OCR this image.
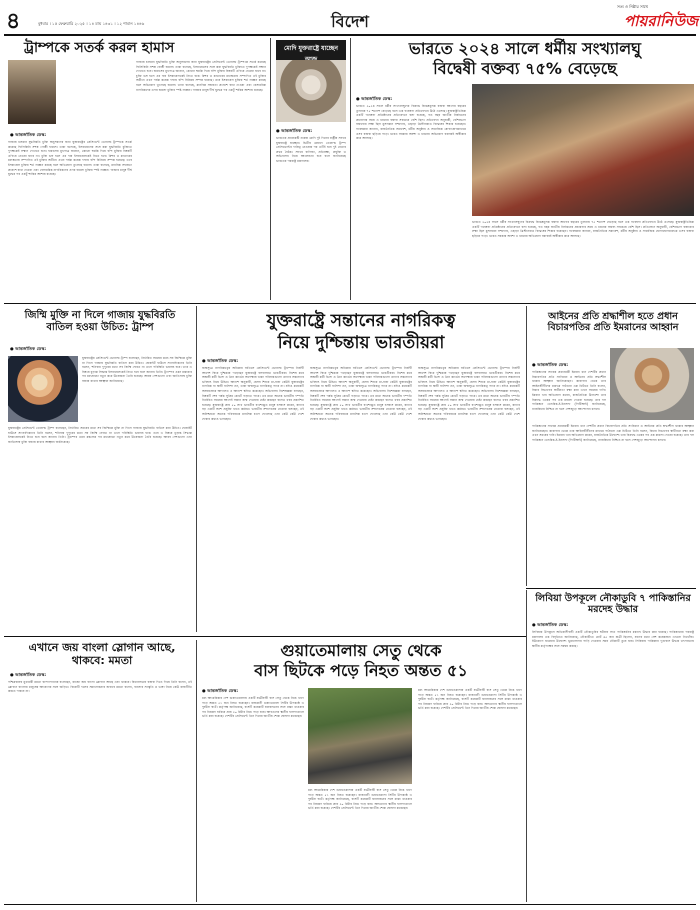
৪	বুধবার । ১৫ ফেব্রুয়ারি ২০২৫ । ১৪ মাঘ ১৪৩১ । ১২ শাবান ১৪৪৬	বিদেশ
সত্য ও নিষ্ঠার সাথে
পায়রানিউজ
ট্রাম্পকে সতর্ক করল হামাস
● আন্তর্জাতিক ডেস্ক:
গাজায় চলমান যুদ্ধবিরতি চুক্তি অনুসরণের জন্য যুক্তরাষ্ট্রের প্রেসিডেন্ট ডোনাল্ড ট্রাম্পকে সতর্ক করেছে ফিলিস্তিনি সশস্ত্র গোষ্ঠী হামাস। তারা বলেছে, ইসরায়েলের সঙ্গে করা যুদ্ধবিরতি চুক্তিতে দুপক্ষকেই সম্মান দেখাতে হবে। হামাসের মুখপাত্র জানান, কোনো হুমকি দিয়ে বন্দি মুক্তির বিষয়টি এগিয়ে নেওয়া যাবে না। চুক্তি ভঙ্গ হলে এর দায় ইসরায়েলকেই নিতে হবে। মিশর ও কাতারের মধ্যস্থতায় সম্পাদিত এই চুক্তির অধীনে এখন পর্যন্ত কয়েক দফায় বন্দি বিনিময় সম্পন্ন হয়েছে। তবে ইসরায়েল চুক্তির শর্ত লঙ্ঘন করছে বলে অভিযোগ তুলেছে হামাস। তারা বলেছে, মানবিক সহায়তা প্রবেশে বাধা দেওয়া এবং বেসামরিক নাগরিকদের ওপর হামলা চুক্তির স্পষ্ট লঙ্ঘন। গাজার মানুষ দীর্ঘ যুদ্ধের পর একটু শান্তির আশায় রয়েছে।
গাজায় চলমান যুদ্ধবিরতি চুক্তি অনুসরণের জন্য যুক্তরাষ্ট্রের প্রেসিডেন্ট ডোনাল্ড ট্রাম্পকে সতর্ক করেছে ফিলিস্তিনি সশস্ত্র গোষ্ঠী হামাস। তারা বলেছে, ইসরায়েলের সঙ্গে করা যুদ্ধবিরতি চুক্তিতে দুপক্ষকেই সম্মান দেখাতে হবে। হামাসের মুখপাত্র জানান, কোনো হুমকি দিয়ে বন্দি মুক্তির বিষয়টি এগিয়ে নেওয়া যাবে না। চুক্তি ভঙ্গ হলে এর দায় ইসরায়েলকেই নিতে হবে। মিশর ও কাতারের মধ্যস্থতায় সম্পাদিত এই চুক্তির অধীনে এখন পর্যন্ত কয়েক দফায় বন্দি বিনিময় সম্পন্ন হয়েছে। তবে ইসরায়েল চুক্তির শর্ত লঙ্ঘন করছে বলে অভিযোগ তুলেছে হামাস। তারা বলেছে, মানবিক সহায়তা প্রবেশে বাধা দেওয়া এবং বেসামরিক নাগরিকদের ওপর হামলা চুক্তির স্পষ্ট লঙ্ঘন। গাজার মানুষ দীর্ঘ যুদ্ধের পর একটু শান্তির আশায় রয়েছে।
মোদি যুক্তরাষ্ট্রে যাচ্ছেন
● আন্তর্জাতিক ডেস্ক:
ভারতের প্রধানমন্ত্রী নরেন্দ্র মোদি দুই দিনের রাষ্ট্রীয় সফরে যুক্তরাষ্ট্রে যাচ্ছেন। দ্বিতীয় মেয়াদে ডোনাল্ড ট্রাম্প প্রেসিডেন্টের দায়িত্ব নেওয়ার পর এটিই হবে দুই নেতার প্রথম বৈঠক। সফরে বাণিজ্য, প্রতিরক্ষা, প্রযুক্তি ও অভিবাসন নিয়ে আলোচনা হবে বলে জানিয়েছে ভারতের পররাষ্ট্র মন্ত্রণালয়।
ভারতে ২০২৪ সালে ধর্মীয় সংখ্যালঘু
বিদ্বেষী বক্তব্য ৭৫% বেড়েছে
● আন্তর্জাতিক ডেস্ক:
ভারতে ২০২৪ সালে ধর্মীয় সংখ্যালঘুদের বিরুদ্ধে বিদ্বেষমূলক বক্তব্য আগের বছরের তুলনায় ৭৫ শতাংশ বেড়েছে বলে এক গবেষণা প্রতিবেদনে উঠে এসেছে। যুক্তরাষ্ট্রভিত্তিক একটি গবেষণা প্রতিষ্ঠানের প্রতিবেদনে বলা হয়েছে, গত বছর জাতীয় নির্বাচনের প্রচারণার সময় এ ধরনের বক্তব্য সবচেয়ে বেশি ছিল। প্রতিবেদন অনুযায়ী, বেশিরভাগ বক্তব্যের লক্ষ্য ছিল মুসলমান সম্প্রদায়, এছাড়া খ্রিস্টানরাও বিদ্বেষের শিকার হয়েছেন। গবেষকরা জানান, রাজনৈতিক সমাবেশ, ধর্মীয় অনুষ্ঠান ও সামাজিক যোগাযোগমাধ্যমে এসব বক্তব্য ছড়িয়ে পড়ে। ভারত সরকার অবশ্য এ ধরনের অভিযোগ বরাবরই অস্বীকার করে আসছে।
ভারতে ২০২৪ সালে ধর্মীয় সংখ্যালঘুদের বিরুদ্ধে বিদ্বেষমূলক বক্তব্য আগের বছরের তুলনায় ৭৫ শতাংশ বেড়েছে বলে এক গবেষণা প্রতিবেদনে উঠে এসেছে। যুক্তরাষ্ট্রভিত্তিক একটি গবেষণা প্রতিষ্ঠানের প্রতিবেদনে বলা হয়েছে, গত বছর জাতীয় নির্বাচনের প্রচারণার সময় এ ধরনের বক্তব্য সবচেয়ে বেশি ছিল। প্রতিবেদন অনুযায়ী, বেশিরভাগ বক্তব্যের লক্ষ্য ছিল মুসলমান সম্প্রদায়, এছাড়া খ্রিস্টানরাও বিদ্বেষের শিকার হয়েছেন। গবেষকরা জানান, রাজনৈতিক সমাবেশ, ধর্মীয় অনুষ্ঠান ও সামাজিক যোগাযোগমাধ্যমে এসব বক্তব্য ছড়িয়ে পড়ে। ভারত সরকার অবশ্য এ ধরনের অভিযোগ বরাবরই অস্বীকার করে আসছে।
জিম্মি মুক্তি না দিলে গাজায় যুদ্ধবিরতি বাতিল হওয়া উচিত: ট্রাম্প
● আন্তর্জাতিক ডেস্ক:
যুক্তরাষ্ট্রের প্রেসিডেন্ট ডোনাল্ড ট্রাম্প বলেছেন, নির্ধারিত সময়ের মধ্যে সব জিম্মিকে মুক্তি না দিলে গাজায় যুদ্ধবিরতি বাতিল করা উচিত। হোয়াইট হাউসে সাংবাদিকদের তিনি বলেন, শনিবার দুপুরের মধ্যে সব জিম্মি ফেরত না এলে পরিস্থিতি ভয়াবহ হবে। তবে এ বিষয়ে চূড়ান্ত সিদ্ধান্ত ইসরায়েলকেই নিতে হবে বলে জানান তিনি। ট্রাম্পের এমন মন্তব্যের পর মধ্যপ্রাচ্যে নতুন করে উত্তেজনা তৈরি হয়েছে। আরব দেশগুলো এবং জাতিসংঘ চুক্তি বজায় রাখার আহ্বান জানিয়েছে।
যুক্তরাষ্ট্রের প্রেসিডেন্ট ডোনাল্ড ট্রাম্প বলেছেন, নির্ধারিত সময়ের মধ্যে সব জিম্মিকে মুক্তি না দিলে গাজায় যুদ্ধবিরতি বাতিল করা উচিত। হোয়াইট হাউসে সাংবাদিকদের তিনি বলেন, শনিবার দুপুরের মধ্যে সব জিম্মি ফেরত না এলে পরিস্থিতি ভয়াবহ হবে। তবে এ বিষয়ে চূড়ান্ত সিদ্ধান্ত ইসরায়েলকেই নিতে হবে বলে জানান তিনি। ট্রাম্পের এমন মন্তব্যের পর মধ্যপ্রাচ্যে নতুন করে উত্তেজনা তৈরি হয়েছে। আরব দেশগুলো এবং জাতিসংঘ চুক্তি বজায় রাখার আহ্বান জানিয়েছে।
যুক্তরাষ্ট্রে সন্তানের নাগরিকত্ব
নিয়ে দুশ্চিন্তায় ভারতীয়রা
● আন্তর্জাতিক ডেস্ক:
জন্মসূত্রে নাগরিকত্বের অধিকার বাতিলে প্রেসিডেন্ট ডোনাল্ড ট্রাম্পের নির্বাহী আদেশ ঘিরে দুশ্চিন্তায় পড়েছেন যুক্তরাষ্ট্রে বসবাসরত ভারতীয়রা। বিশেষ করে অস্থায়ী কর্মী ভিসা ও গ্রিন কার্ডের অপেক্ষায় থাকা পরিবারগুলো তাদের সন্তানদের ভবিষ্যৎ নিয়ে উদ্বিগ্ন। আদেশ অনুযায়ী, যেসব শিশুর মা-বাবা কেউই যুক্তরাষ্ট্রের নাগরিক বা স্থায়ী বাসিন্দা নন, তারা জন্মসূত্রে নাগরিকত্ব পাবে না। যদিও কয়েকটি অঙ্গরাজ্যের আদালত এ আদেশ স্থগিত করেছেন। অভিবাসন বিশেষজ্ঞরা বলছেন, বিষয়টি শেষ পর্যন্ত সুপ্রিম কোর্টে গড়াতে পারে। এর মধ্যে অনেক ভারতীয় দম্পতি নির্ধারিত সময়ের আগেই সন্তান জন্ম দেওয়ার চেষ্টা করছেন বলেও খবর প্রকাশিত হয়েছে। যুক্তরাষ্ট্রে প্রায় ৫০ লাখ ভারতীয় বংশোদ্ভূত মানুষ বসবাস করেন, যাদের বড় একটি অংশ প্রযুক্তি খাতে কর্মরত। ভারতীয় সম্প্রদায়ের নেতারা বলছেন, এই অনিশ্চয়তা অনেক পরিবারকে মানসিক চাপে ফেলেছে এবং কেউ কেউ দেশে ফেরার কথাও ভাবছেন।
জন্মসূত্রে নাগরিকত্বের অধিকার বাতিলে প্রেসিডেন্ট ডোনাল্ড ট্রাম্পের নির্বাহী আদেশ ঘিরে দুশ্চিন্তায় পড়েছেন যুক্তরাষ্ট্রে বসবাসরত ভারতীয়রা। বিশেষ করে অস্থায়ী কর্মী ভিসা ও গ্রিন কার্ডের অপেক্ষায় থাকা পরিবারগুলো তাদের সন্তানদের ভবিষ্যৎ নিয়ে উদ্বিগ্ন। আদেশ অনুযায়ী, যেসব শিশুর মা-বাবা কেউই যুক্তরাষ্ট্রের নাগরিক বা স্থায়ী বাসিন্দা নন, তারা জন্মসূত্রে নাগরিকত্ব পাবে না। যদিও কয়েকটি অঙ্গরাজ্যের আদালত এ আদেশ স্থগিত করেছেন। অভিবাসন বিশেষজ্ঞরা বলছেন, বিষয়টি শেষ পর্যন্ত সুপ্রিম কোর্টে গড়াতে পারে। এর মধ্যে অনেক ভারতীয় দম্পতি নির্ধারিত সময়ের আগেই সন্তান জন্ম দেওয়ার চেষ্টা করছেন বলেও খবর প্রকাশিত হয়েছে। যুক্তরাষ্ট্রে প্রায় ৫০ লাখ ভারতীয় বংশোদ্ভূত মানুষ বসবাস করেন, যাদের বড় একটি অংশ প্রযুক্তি খাতে কর্মরত। ভারতীয় সম্প্রদায়ের নেতারা বলছেন, এই অনিশ্চয়তা অনেক পরিবারকে মানসিক চাপে ফেলেছে এবং কেউ কেউ দেশে ফেরার কথাও ভাবছেন।
জন্মসূত্রে নাগরিকত্বের অধিকার বাতিলে প্রেসিডেন্ট ডোনাল্ড ট্রাম্পের নির্বাহী আদেশ ঘিরে দুশ্চিন্তায় পড়েছেন যুক্তরাষ্ট্রে বসবাসরত ভারতীয়রা। বিশেষ করে অস্থায়ী কর্মী ভিসা ও গ্রিন কার্ডের অপেক্ষায় থাকা পরিবারগুলো তাদের সন্তানদের ভবিষ্যৎ নিয়ে উদ্বিগ্ন। আদেশ অনুযায়ী, যেসব শিশুর মা-বাবা কেউই যুক্তরাষ্ট্রের নাগরিক বা স্থায়ী বাসিন্দা নন, তারা জন্মসূত্রে নাগরিকত্ব পাবে না। যদিও কয়েকটি অঙ্গরাজ্যের আদালত এ আদেশ স্থগিত করেছেন। অভিবাসন বিশেষজ্ঞরা বলছেন, বিষয়টি শেষ পর্যন্ত সুপ্রিম কোর্টে গড়াতে পারে। এর মধ্যে অনেক ভারতীয় দম্পতি নির্ধারিত সময়ের আগেই সন্তান জন্ম দেওয়ার চেষ্টা করছেন বলেও খবর প্রকাশিত হয়েছে। যুক্তরাষ্ট্রে প্রায় ৫০ লাখ ভারতীয় বংশোদ্ভূত মানুষ বসবাস করেন, যাদের বড় একটি অংশ প্রযুক্তি খাতে কর্মরত। ভারতীয় সম্প্রদায়ের নেতারা বলছেন, এই অনিশ্চয়তা অনেক পরিবারকে মানসিক চাপে ফেলেছে এবং কেউ কেউ দেশে ফেরার কথাও ভাবছেন।
আইনের প্রতি শ্রদ্ধাশীল হতে প্রধান বিচারপতির প্রতি ইমরানের আহ্বান
● আন্তর্জাতিক ডেস্ক:
পাকিস্তানের সাবেক প্রধানমন্ত্রী ইমরান খান দেশটির প্রধান বিচারপতির প্রতি সংবিধান ও আইনের প্রতি শ্রদ্ধাশীল থাকার আহ্বান জানিয়েছেন। কারাগার থেকে তার আইনজীবীদের মাধ্যমে পাঠানো এক চিঠিতে তিনি বলেন, বিচার বিভাগের স্বাধীনতা রক্ষা করা এখন সময়ের দাবি। ইমরান খান অভিযোগ করেন, রাজনৈতিক উদ্দেশ্যে তার বিরুদ্ধে একের পর এক মামলা দেওয়া হয়েছে। তার দল পাকিস্তান তেহরিক-ই-ইনসাফ (পিটিআই) জানিয়েছে, ন্যায়বিচার নিশ্চিত না হলে দেশজুড়ে আন্দোলন চলবে।
পাকিস্তানের সাবেক প্রধানমন্ত্রী ইমরান খান দেশটির প্রধান বিচারপতির প্রতি সংবিধান ও আইনের প্রতি শ্রদ্ধাশীল থাকার আহ্বান জানিয়েছেন। কারাগার থেকে তার আইনজীবীদের মাধ্যমে পাঠানো এক চিঠিতে তিনি বলেন, বিচার বিভাগের স্বাধীনতা রক্ষা করা এখন সময়ের দাবি। ইমরান খান অভিযোগ করেন, রাজনৈতিক উদ্দেশ্যে তার বিরুদ্ধে একের পর এক মামলা দেওয়া হয়েছে। তার দল পাকিস্তান তেহরিক-ই-ইনসাফ (পিটিআই) জানিয়েছে, ন্যায়বিচার নিশ্চিত না হলে দেশজুড়ে আন্দোলন চলবে।
লিবিয়া উপকূলে নৌকাডুবি ৭ পাকিস্তানির মরদেহ উদ্ধার
● আন্তর্জাতিক ডেস্ক:
লিবিয়ার উপকূলে অভিবাসীবাহী একটি নৌকাডুবির ঘটনায় সাত পাকিস্তানির মরদেহ উদ্ধার করা হয়েছে। পাকিস্তানের পররাষ্ট্র মন্ত্রণালয় এক বিবৃতিতে জানিয়েছে, নৌকাটিতে মোট ৬৫ জন যাত্রী ছিলেন, যাদের মধ্যে বেশ কয়েকজন এখনো নিখোঁজ। ইউরোপে যাওয়ার উদ্দেশ্যে ভূমধ্যসাগর পাড়ি দেওয়ার সময় নৌকাটি ডুবে যায়। লিবিয়ায় পাকিস্তান দূতাবাস উদ্ধার তৎপরতায় স্থানীয় কর্তৃপক্ষের সঙ্গে সমন্বয় করছে।
এখানে জয় বাংলা স্লোগান আছে, থাকবে: মমতা
● আন্তর্জাতিক ডেস্ক:
পশ্চিমবঙ্গের মুখ্যমন্ত্রী মমতা বন্দ্যোপাধ্যায় বলেছেন, রাজ্যে জয় বাংলা স্লোগান আছে এবং থাকবে। বিধানসভায় বক্তব্য দিতে গিয়ে তিনি বলেন, এই স্লোগান বাংলার মানুষের আবেগের সঙ্গে জড়িত। বিরোধী দলের সমালোচনার জবাবে মমতা বলেন, বাংলার সংস্কৃতি ও ভাষা নিয়ে কেউ রাজনীতি করতে পারবে না।
গুয়াতেমালায় সেতু থেকে
বাস ছিটকে পড়ে নিহত অন্তত ৫১
● আন্তর্জাতিক ডেস্ক:
মধ্য আমেরিকার দেশ গুয়াতেমালায় একটি যাত্রীবাহী বাস সেতু থেকে নিচে খাদে পড়ে অন্তত ৫১ জন নিহত হয়েছেন। রাজধানী গুয়াতেমালা সিটির উপকণ্ঠে এ দুর্ঘটনা ঘটে। কর্তৃপক্ষ জানিয়েছে, বাসটি কয়েকটি যানবাহনের সঙ্গে ধাক্কা খাওয়ার পর নিয়ন্ত্রণ হারিয়ে প্রায় ২০ মিটার নিচে পড়ে যায়। আহতদের স্থানীয় হাসপাতালে ভর্তি করা হয়েছে। দেশটির প্রেসিডেন্ট তিন দিনের জাতীয় শোক ঘোষণা করেছেন।
মধ্য আমেরিকার দেশ গুয়াতেমালায় একটি যাত্রীবাহী বাস সেতু থেকে নিচে খাদে পড়ে অন্তত ৫১ জন নিহত হয়েছেন। রাজধানী গুয়াতেমালা সিটির উপকণ্ঠে এ দুর্ঘটনা ঘটে। কর্তৃপক্ষ জানিয়েছে, বাসটি কয়েকটি যানবাহনের সঙ্গে ধাক্কা খাওয়ার পর নিয়ন্ত্রণ হারিয়ে প্রায় ২০ মিটার নিচে পড়ে যায়। আহতদের স্থানীয় হাসপাতালে ভর্তি করা হয়েছে। দেশটির প্রেসিডেন্ট তিন দিনের জাতীয় শোক ঘোষণা করেছেন।
মধ্য আমেরিকার দেশ গুয়াতেমালায় একটি যাত্রীবাহী বাস সেতু থেকে নিচে খাদে পড়ে অন্তত ৫১ জন নিহত হয়েছেন। রাজধানী গুয়াতেমালা সিটির উপকণ্ঠে এ দুর্ঘটনা ঘটে। কর্তৃপক্ষ জানিয়েছে, বাসটি কয়েকটি যানবাহনের সঙ্গে ধাক্কা খাওয়ার পর নিয়ন্ত্রণ হারিয়ে প্রায় ২০ মিটার নিচে পড়ে যায়। আহতদের স্থানীয় হাসপাতালে ভর্তি করা হয়েছে। দেশটির প্রেসিডেন্ট তিন দিনের জাতীয় শোক ঘোষণা করেছেন।
